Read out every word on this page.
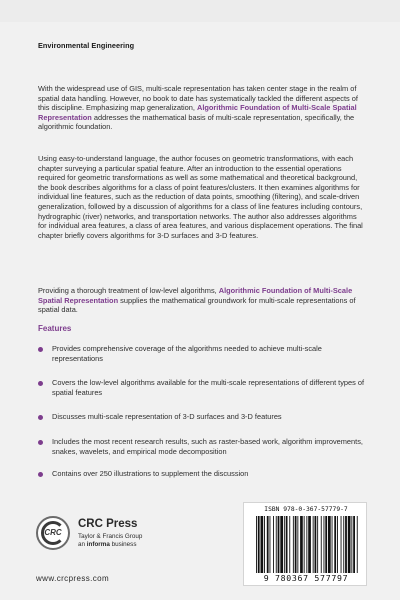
Environmental Engineering

With the widespread use of GIS, multi-scale representation has taken center stage in the realm of spatial data handling. However, no book to date has systematically tackled the different aspects of this discipline. Emphasizing map generalization, Algorithmic Foundation of Multi-Scale Spatial Representation addresses the mathematical basis of multi-scale representation, specifically, the algorithmic foundation.

Using easy-to-understand language, the author focuses on geometric transformations, with each chapter surveying a particular spatial feature. After an introduction to the essential operations required for geometric transformations as well as some mathematical and theoretical background, the book describes algorithms for a class of point features/clusters. It then examines algorithms for individual line features, such as the reduction of data points, smoothing (filtering), and scale-driven generalization, followed by a discussion of algorithms for a class of line features including contours, hydrographic (river) networks, and transportation networks. The author also addresses algorithms for individual area features, a class of area features, and various displacement operations. The final chapter briefly covers algorithms for 3-D surfaces and 3-D features.

Providing a thorough treatment of low-level algorithms, Algorithmic Foundation of Multi-Scale Spatial Representation supplies the mathematical groundwork for multi-scale representations of spatial data.

Features
Provides comprehensive coverage of the algorithms needed to achieve multi-scale representations
Covers the low-level algorithms available for the multi-scale representations of different types of spatial features
Discusses multi-scale representation of 3-D surfaces and 3-D features
Includes the most recent research results, such as raster-based work, algorithm improvements, snakes, wavelets, and empirical mode decomposition
Contains over 250 illustrations to supplement the discussion
CRC
CRC Press
Taylor & Francis Group
an informa business
www.crcpress.com
ISBN 978-0-367-57779-7
9 780367 577797
